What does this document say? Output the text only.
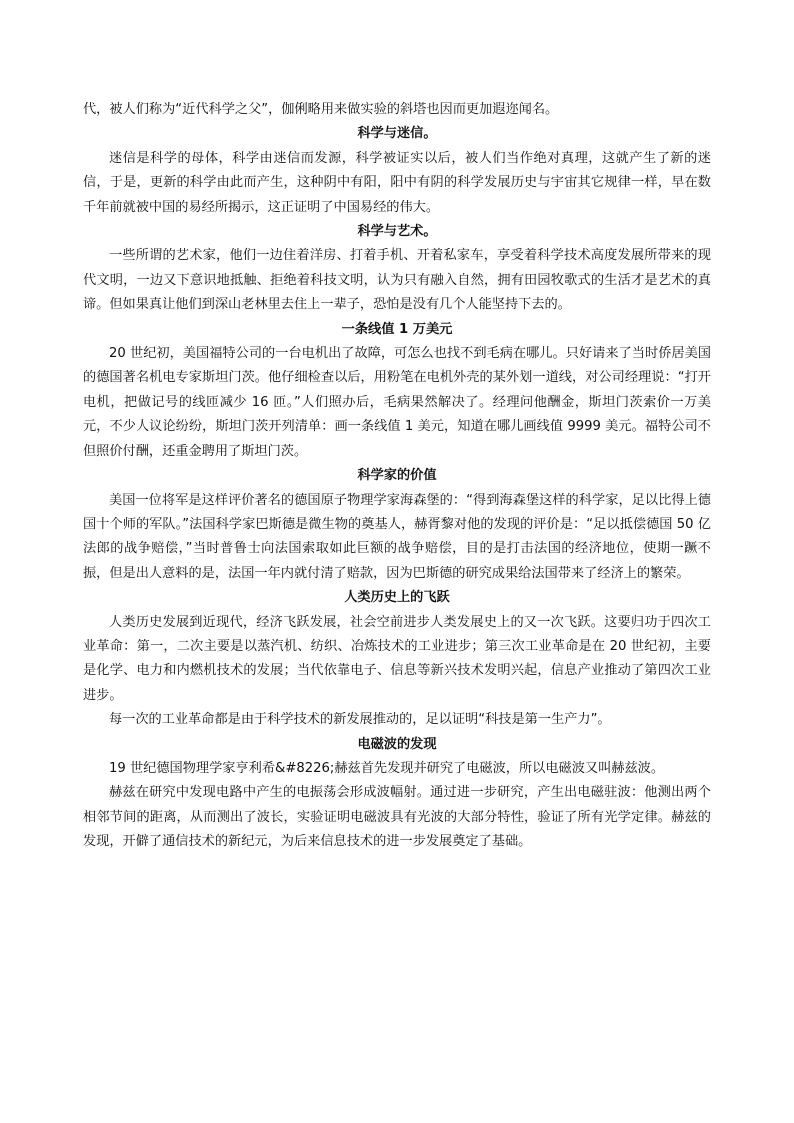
代，被人们称为“近代科学之父”，伽俐略用来做实验的斜塔也因而更加遐迩闻名。

科学与迷信。

迷信是科学的母体，科学由迷信而发源，科学被证实以后，被人们当作绝对真理，这就产生了新的迷信，于是，更新的科学由此而产生，这种阴中有阳，阳中有阴的科学发展历史与宇宙其它规律一样，早在数千年前就被中国的易经所揭示，这正证明了中国易经的伟大。

科学与艺术。

一些所谓的艺术家，他们一边住着洋房、打着手机、开着私家车，享受着科学技术高度发展所带来的现代文明，一边又下意识地抵触、拒绝着科技文明，认为只有融入自然，拥有田园牧歌式的生活才是艺术的真谛。但如果真让他们到深山老林里去住上一辈子，恐怕是没有几个人能坚持下去的。

一条线值 1 万美元

20 世纪初，美国福特公司的一台电机出了故障，可怎么也找不到毛病在哪儿。只好请来了当时侨居美国的德国著名机电专家斯坦门茨。他仔细检查以后，用粉笔在电机外壳的某外划一道线，对公司经理说：“打开电机，把做记号的线匝减少 16 匝。”人们照办后，毛病果然解决了。经理问他酬金，斯坦门茨索价一万美元，不少人议论纷纷，斯坦门茨开列清单：画一条线值 1 美元，知道在哪儿画线值 9999 美元。福特公司不但照价付酬，还重金聘用了斯坦门茨。

科学家的价值

美国一位将军是这样评价著名的德国原子物理学家海森堡的：“得到海森堡这样的科学家，足以比得上德国十个师的军队。”法国科学家巴斯德是微生物的奠基人，赫胥黎对他的发现的评价是：“足以抵偿德国 50 亿法郎的战争赔偿，”当时普鲁士向法国索取如此巨额的战争赔偿，目的是打击法国的经济地位，使期一蹶不振，但是出人意料的是，法国一年内就付清了赔款，因为巴斯德的研究成果给法国带来了经济上的繁荣。

人类历史上的飞跃

人类历史发展到近现代，经济飞跃发展，社会空前进步人类发展史上的又一次飞跃。这要归功于四次工业革命：第一，二次主要是以蒸汽机、纺织、冶炼技术的工业进步；第三次工业革命是在 20 世纪初，主要是化学、电力和内燃机技术的发展；当代依靠电子、信息等新兴技术发明兴起，信息产业推动了第四次工业进步。

每一次的工业革命都是由于科学技术的新发展推动的，足以证明“科技是第一生产力”。

电磁波的发现

19 世纪德国物理学家亨利希&#8226;赫兹首先发现并研究了电磁波，所以电磁波又叫赫兹波。

赫兹在研究中发现电路中产生的电振荡会形成波幅射。通过进一步研究，产生出电磁驻波：他测出两个相邻节间的距离，从而测出了波长，实验证明电磁波具有光波的大部分特性，验证了所有光学定律。赫兹的发现，开僻了通信技术的新纪元，为后来信息技术的进一步发展奠定了基础。
